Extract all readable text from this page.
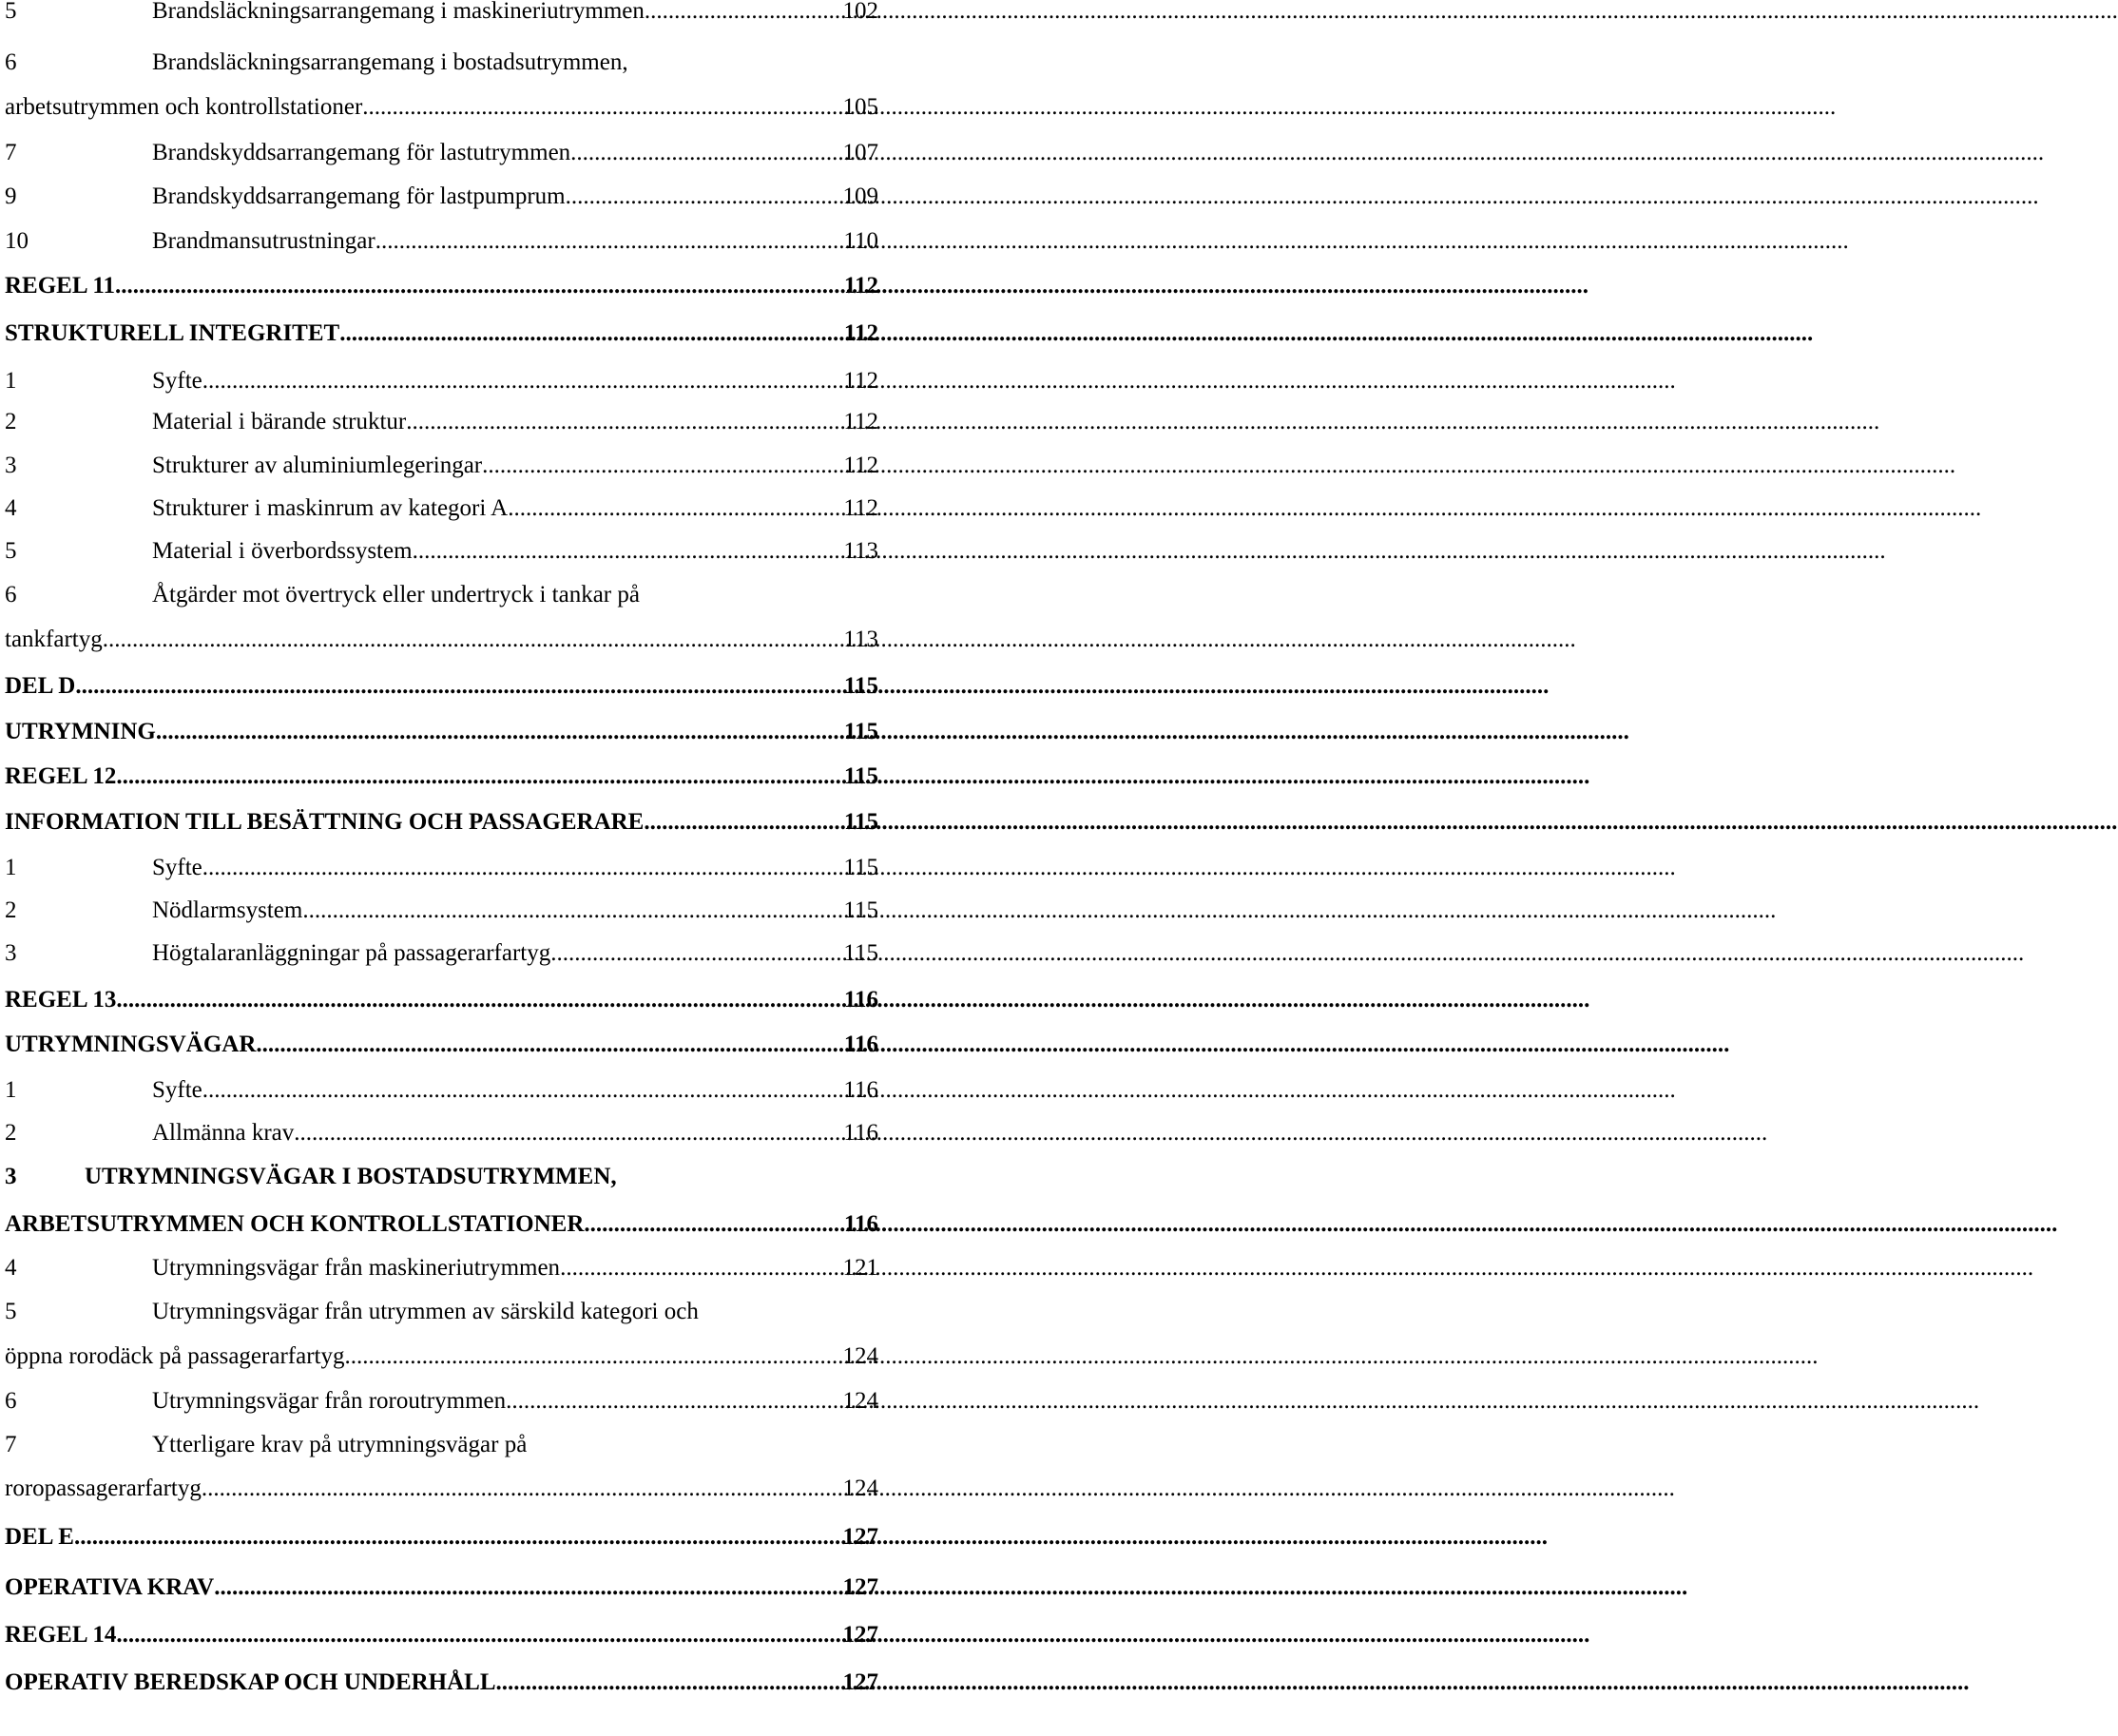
5	Brandsläckningsarrangemang i maskineriutrymmen .....	102
6	Brandsläckningsarrangemang i bostadsutrymmen,
arbetsutrymmen och kontrollstationer .....	105
7	Brandskyddsarrangemang för lastutrymmen .....	107
9	Brandskyddsarrangemang för lastpumprum .....	109
10	Brandmansutrustningar .....	110
REGEL 11 .....	112
STRUKTURELL INTEGRITET .....	112
1	Syfte .....	112
2	Material i bärande struktur .....	112
3	Strukturer av aluminiumlegeringar .....	112
4	Strukturer i maskinrum av kategori A .....	112
5	Material i överbordssystem .....	113
6	Åtgärder mot övertryck eller undertryck i tankar på
tankfartyg .....	113
DEL D .....	115
UTRYMNING .....	115
REGEL 12 .....	115
INFORMATION TILL BESÄTTNING OCH PASSAGERARE .....	115
1	Syfte .....	115
2	Nödlarmsystem .....	115
3	Högtalaranläggningar på passagerarfartyg .....	115
REGEL 13 .....	116
UTRYMNINGSVÄGAR .....	116
1	Syfte .....	116
2	Allmänna krav .....	116
3	UTRYMNINGSVÄGAR I BOSTADSUTRYMMEN,
ARBETSUTRYMMEN OCH KONTROLLSTATIONER .....	116
4	Utrymningsvägar från maskineriutrymmen .....	121
5	Utrymningsvägar från utrymmen av särskild kategori och
öppna rorodäck på passagerarfartyg .....	124
6	Utrymningsvägar från roroutrymmen .....	124
7	Ytterligare krav på utrymningsvägar på
roropassagerarfartyg .....	124
DEL E .....	127
OPERATIVA KRAV .....	127
REGEL 14 .....	127
OPERATIV BEREDSKAP OCH UNDERHÅLL .....	127
